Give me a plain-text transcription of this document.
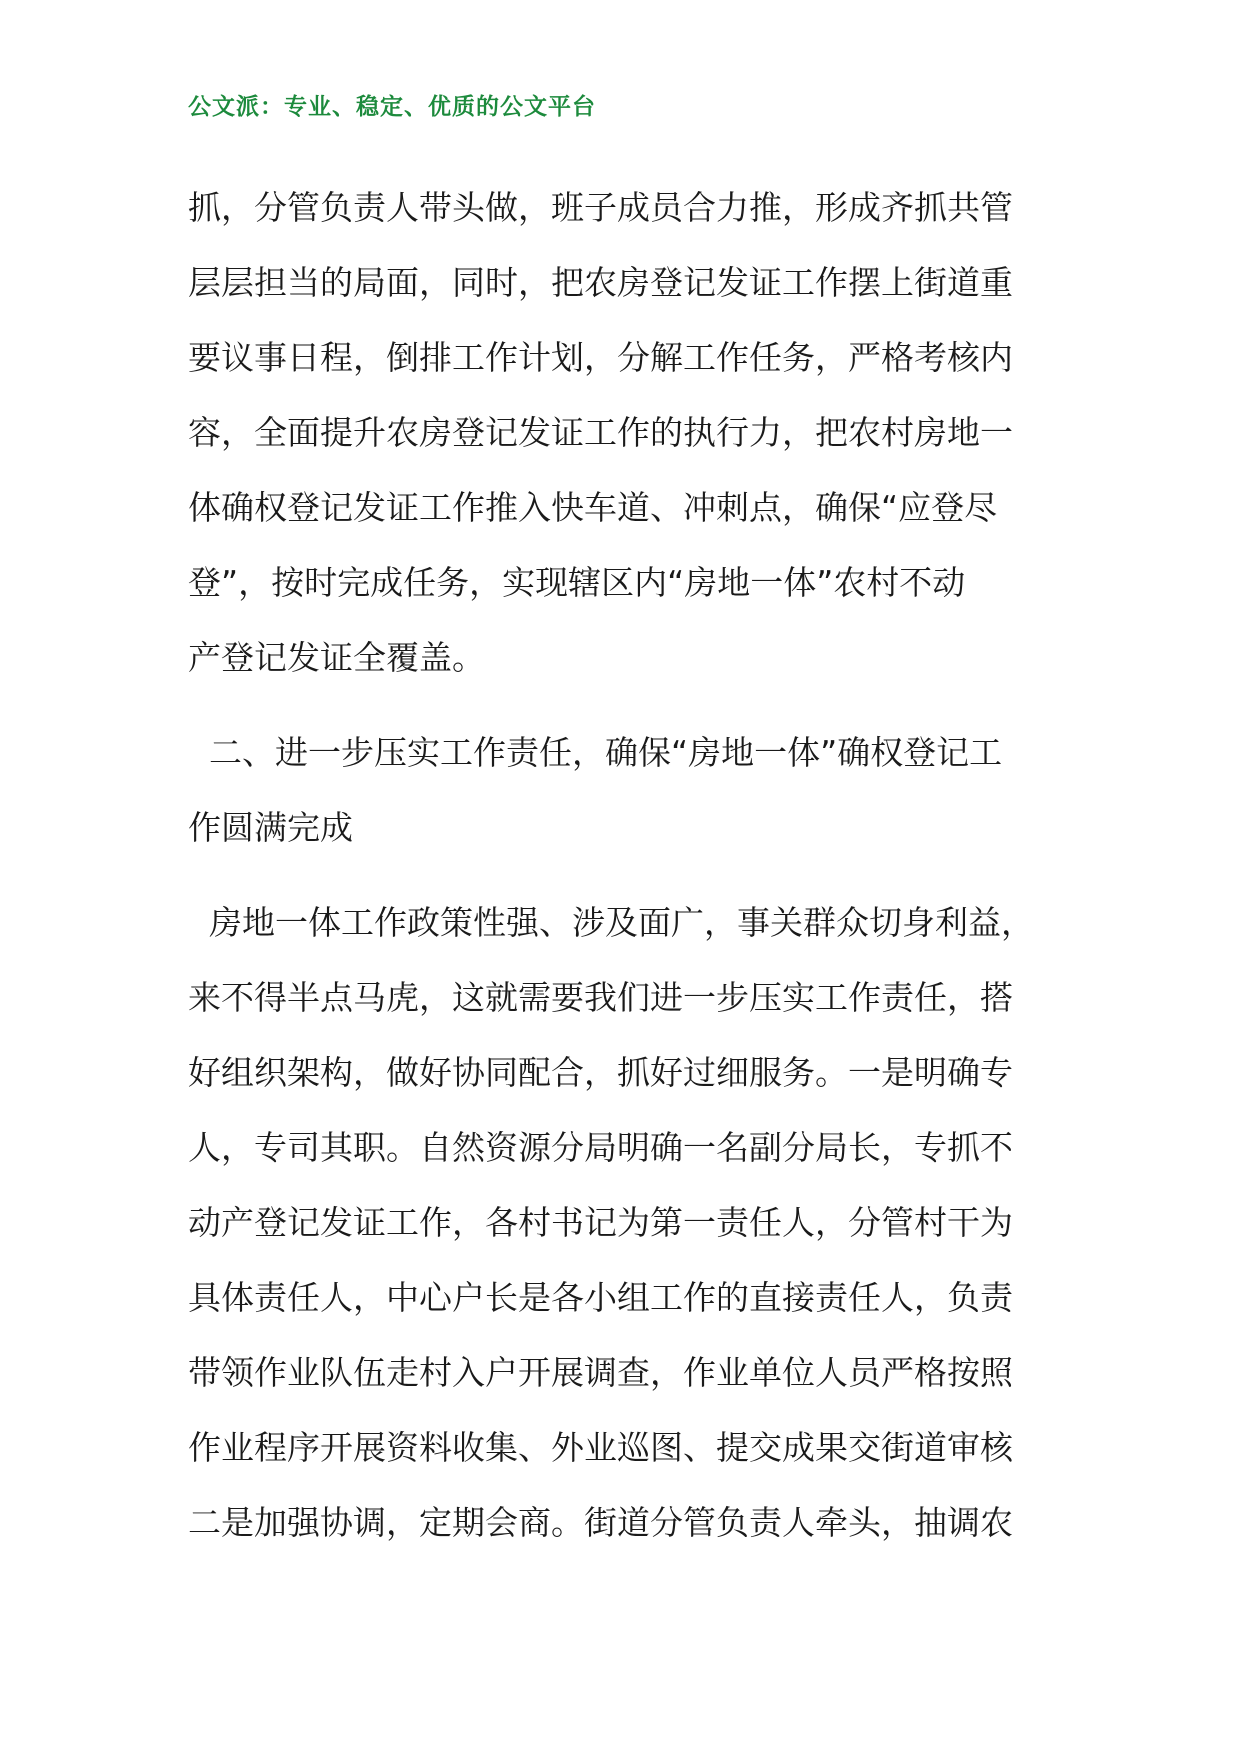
公文派：专业、稳定、优质的公文平台
抓，分管负责人带头做，班子成员合力推，形成齐抓共管
层层担当的局面，同时，把农房登记发证工作摆上街道重
要议事日程，倒排工作计划，分解工作任务，严格考核内
容，全面提升农房登记发证工作的执行力，把农村房地一
体确权登记发证工作推入快车道、冲刺点，确保“应登尽
登”，按时完成任务，实现辖区内“房地一体”农村不动
产登记发证全覆盖。
二、进一步压实工作责任，确保“房地一体”确权登记工
作圆满完成
房地一体工作政策性强、涉及面广，事关群众切身利益，
来不得半点马虎，这就需要我们进一步压实工作责任，搭
好组织架构，做好协同配合，抓好过细服务。一是明确专
人，专司其职。自然资源分局明确一名副分局长，专抓不
动产登记发证工作，各村书记为第一责任人，分管村干为
具体责任人，中心户长是各小组工作的直接责任人，负责
带领作业队伍走村入户开展调查，作业单位人员严格按照
作业程序开展资料收集、外业巡图、提交成果交街道审核
二是加强协调，定期会商。街道分管负责人牵头，抽调农
